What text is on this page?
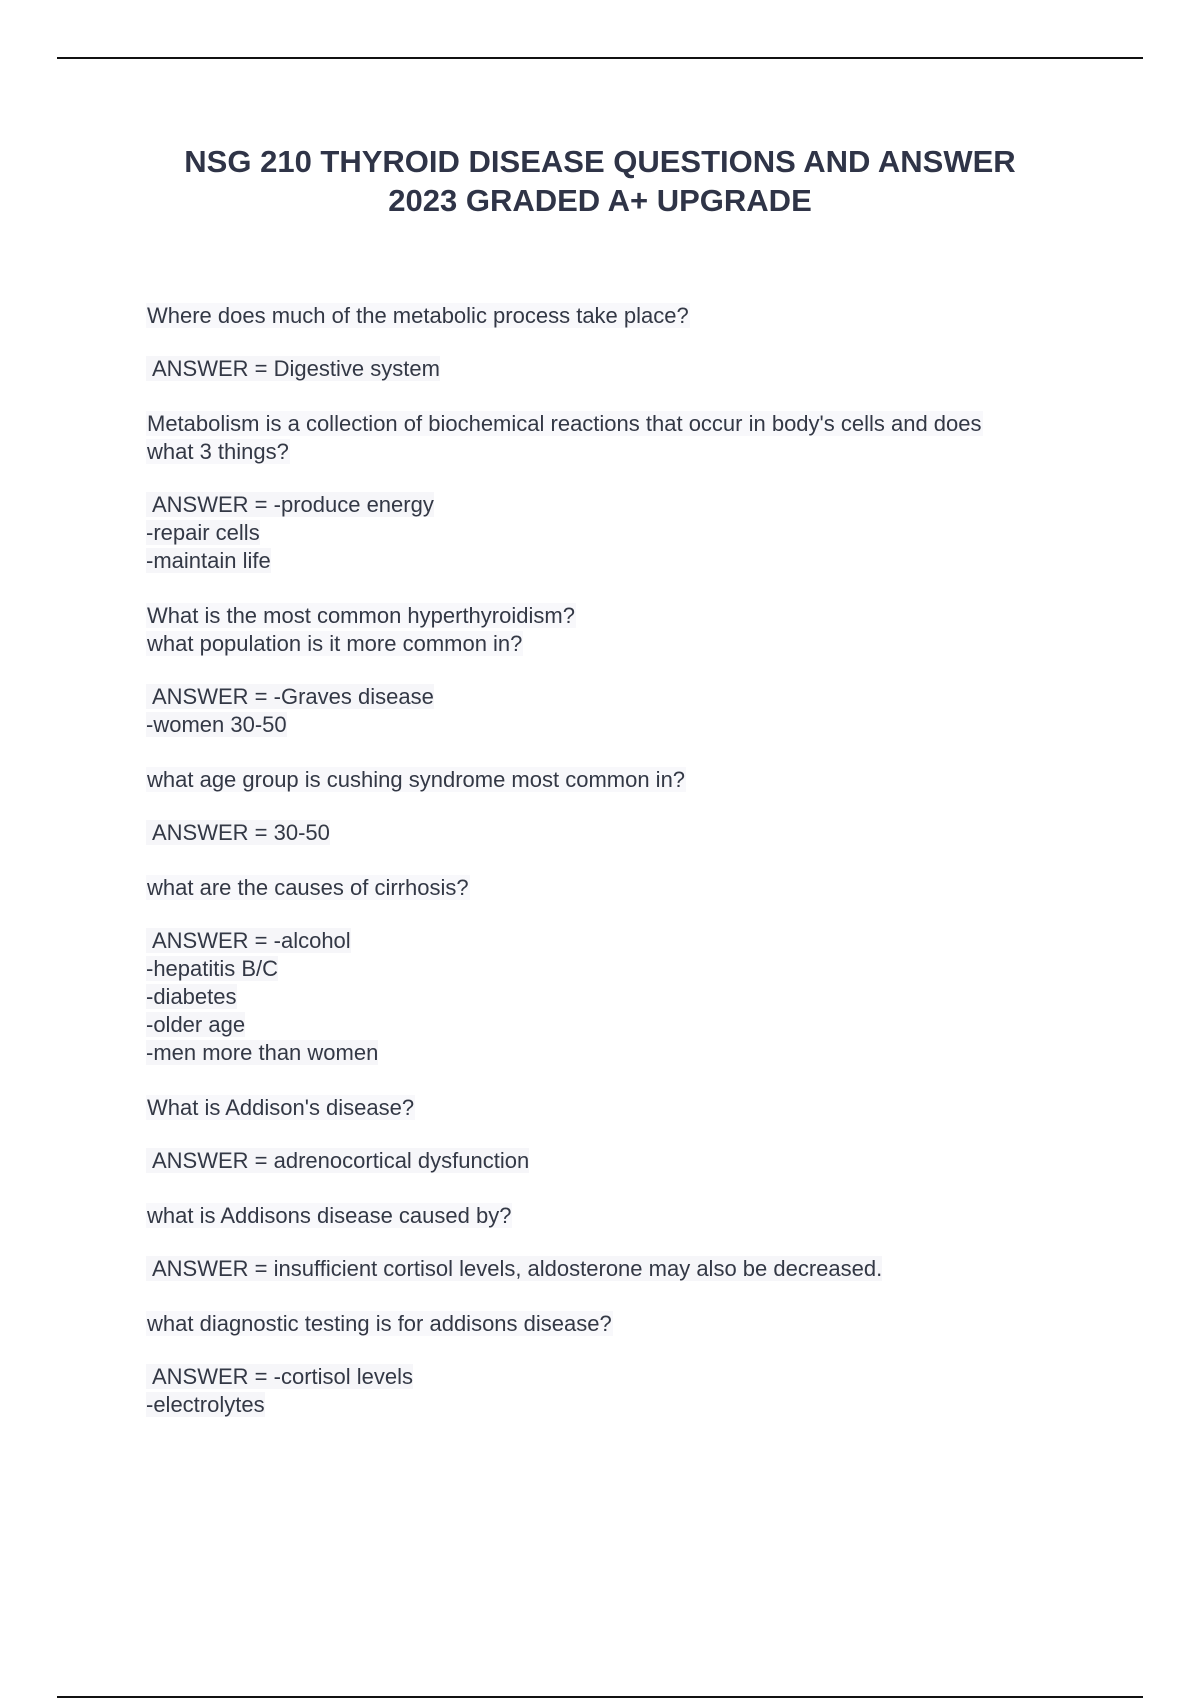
NSG 210 THYROID DISEASE QUESTIONS AND ANSWER
2023 GRADED A+ UPGRADE

Where does much of the metabolic process take place?

ANSWER = Digestive system

Metabolism is a collection of biochemical reactions that occur in body's cells and does
what 3 things?

ANSWER = -produce energy
-repair cells
-maintain life

What is the most common hyperthyroidism?
what population is it more common in?

ANSWER = -Graves disease
-women 30-50

what age group is cushing syndrome most common in?

ANSWER = 30-50

what are the causes of cirrhosis?

ANSWER = -alcohol
-hepatitis B/C
-diabetes
-older age
-men more than women

What is Addison's disease?

ANSWER = adrenocortical dysfunction

what is Addisons disease caused by?

ANSWER = insufficient cortisol levels, aldosterone may also be decreased.

what diagnostic testing is for addisons disease?

ANSWER = -cortisol levels
-electrolytes
